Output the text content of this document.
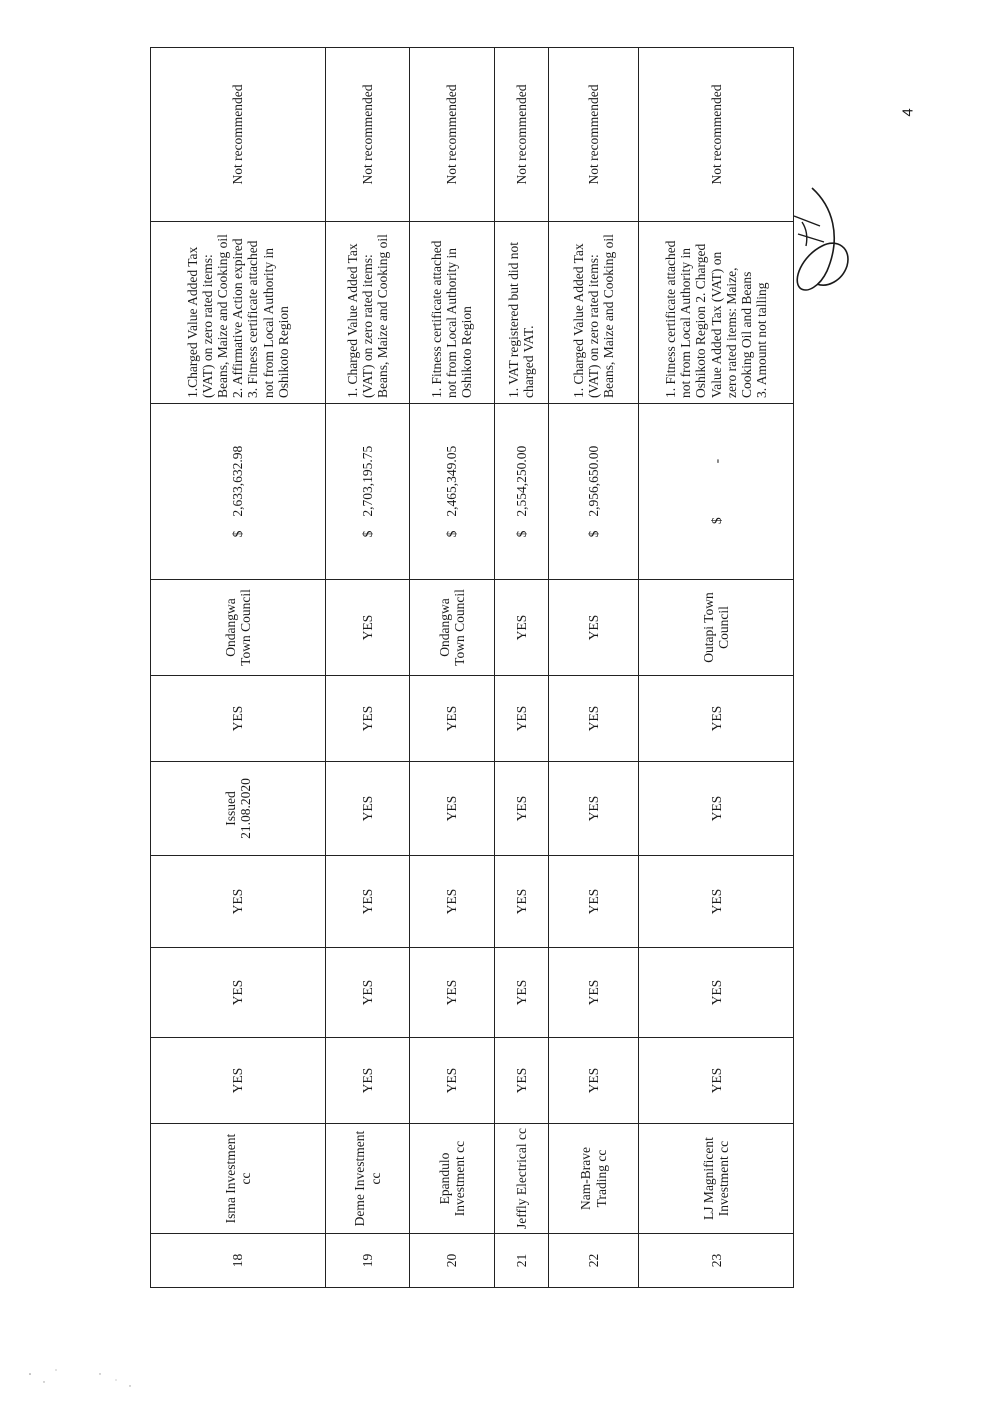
18	Isma Investment cc	YES	YES	YES	Issued 21.08.2020	YES	Ondangwa Town Council	$2,633,632.98	1.Charged Value Added Tax (VAT) on zero rated items: Beans, Maize and Cooking oil 2. Affirmative Action expired 3. Fitness certificate attached not from Local Authority in Oshikoto Region	Not recommended
19	Deme Investment cc	YES	YES	YES	YES	YES	YES	$2,703,195.75	1. Charged Value Added Tax (VAT) on zero rated items: Beans, Maize and Cooking oil	Not recommended
20	Epandulo Investment cc	YES	YES	YES	YES	YES	Ondangwa Town Council	$2,465,349.05	1. Fitness certificate attached not from Local Authority in Oshikoto Region	Not recommended
21	Jeffly Electrical cc	YES	YES	YES	YES	YES	YES	$2,554,250.00	1. VAT registered but did not charged VAT.	Not recommended
22	Nam-Brave Trading cc	YES	YES	YES	YES	YES	YES	$2,956,650.00	1. Charged Value Added Tax (VAT) on zero rated items: Beans, Maize and Cooking oil	Not recommended
23	LJ Magnificent Investment cc	YES	YES	YES	YES	YES	Outapi Town Council	$-	1. Fitness certificate attached not from Local Authority in Oshikoto Region 2. Charged Value Added Tax (VAT) on zero rated items: Maize, Cooking Oil and Beans 3. Amount not talling	Not recommended	4
